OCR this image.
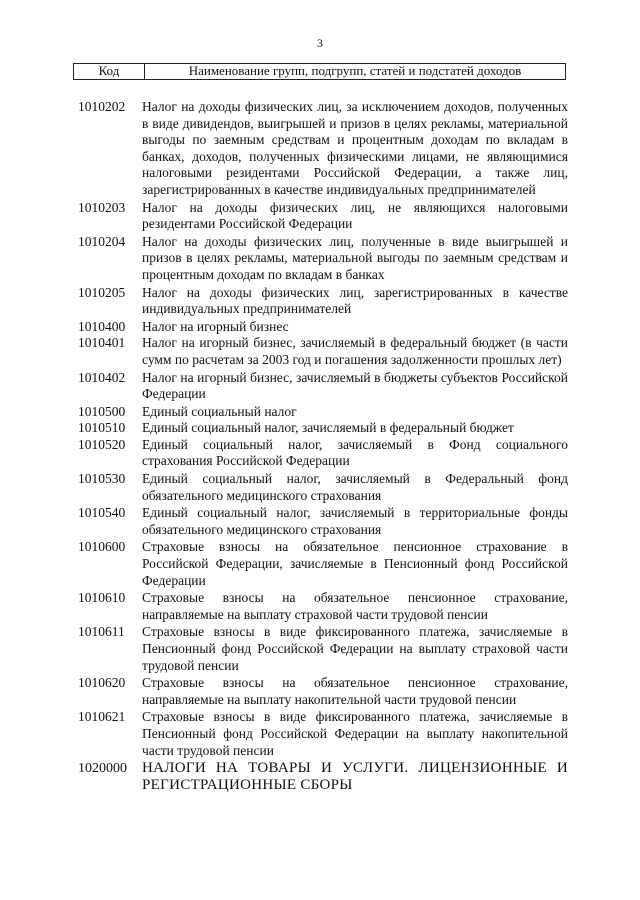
3
Код	Наименование групп, подгрупп, статей и подстатей доходов
1010202	Налог на доходы физических лиц, за исключением доходов, полученных в виде дивидендов, выигрышей и призов в целях рекламы, материальной выгоды по заемным средствам и процентным доходам по вкладам в банках, доходов, полученных физическими лицами, не являющимися налоговыми резидентами Российской Федерации, а также лиц, зарегистрированных в качестве индивидуальных предпринимателей
1010203	Налог на доходы физических лиц, не являющихся налоговыми резидентами Российской Федерации
1010204	Налог на доходы физических лиц, полученные в виде выигрышей и призов в целях рекламы, материальной выгоды по заемным средствам и процентным доходам по вкладам в банках
1010205	Налог на доходы физических лиц, зарегистрированных в качестве индивидуальных предпринимателей
1010400	Налог на игорный бизнес
1010401	Налог на игорный бизнес, зачисляемый в федеральный бюджет (в части сумм по расчетам за 2003 год и погашения задолженности прошлых лет)
1010402	Налог на игорный бизнес, зачисляемый в бюджеты субъектов Российской Федерации
1010500	Единый социальный налог
1010510	Единый социальный налог, зачисляемый в федеральный бюджет
1010520	Единый социальный налог, зачисляемый в Фонд социального страхования Российской Федерации
1010530	Единый социальный налог, зачисляемый в Федеральный фонд обязательного медицинского страхования
1010540	Единый социальный налог, зачисляемый в территориальные фонды обязательного медицинского страхования
1010600	Страховые взносы на обязательное пенсионное страхование в Российской Федерации, зачисляемые в Пенсионный фонд Российской Федерации
1010610	Страховые взносы на обязательное пенсионное страхование, направляемые на выплату страховой части трудовой пенсии
1010611	Страховые взносы в виде фиксированного платежа, зачисляемые в Пенсионный фонд Российской Федерации на выплату страховой части трудовой пенсии
1010620	Страховые взносы на обязательное пенсионное страхование, направляемые на выплату накопительной части трудовой пенсии
1010621	Страховые взносы в виде фиксированного платежа, зачисляемые в Пенсионный фонд Российской Федерации на выплату накопительной части трудовой пенсии
1020000	НАЛОГИ НА ТОВАРЫ И УСЛУГИ. ЛИЦЕНЗИОННЫЕ И РЕГИСТРАЦИОННЫЕ СБОРЫ
